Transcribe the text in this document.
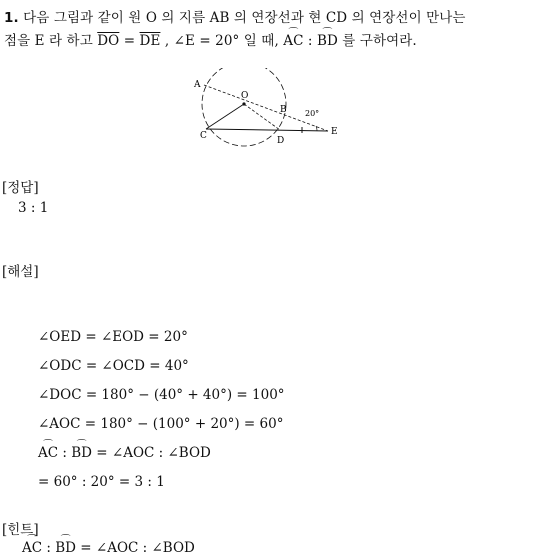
1. 다음 그림과 같이 원 O 의 지름 AB 의 연장선과 현 CD 의 연장선이 만나는
점을 E 라 하고 $\overline{DO} = \overline{DE}$ , ∠E = 20° 일 때, ⌒ AC : ⌒ BD 를 구하여라.
A
O
B
C	D
E
20°
[정답]
3 : 1
[해설]
∠OED = ∠EOD = 20°
∠ODC = ∠OCD = 40°
∠DOC = 180° − (40° + 40°) = 100°
∠AOC = 180° − (100° + 20°) = 60°
⌒ AC : ⌒ BD = ∠AOC : ∠BOD
= 60° : 20° = 3 : 1
[힌트]
⌒ AC : ⌒ BD = ∠AOC : ∠BOD
